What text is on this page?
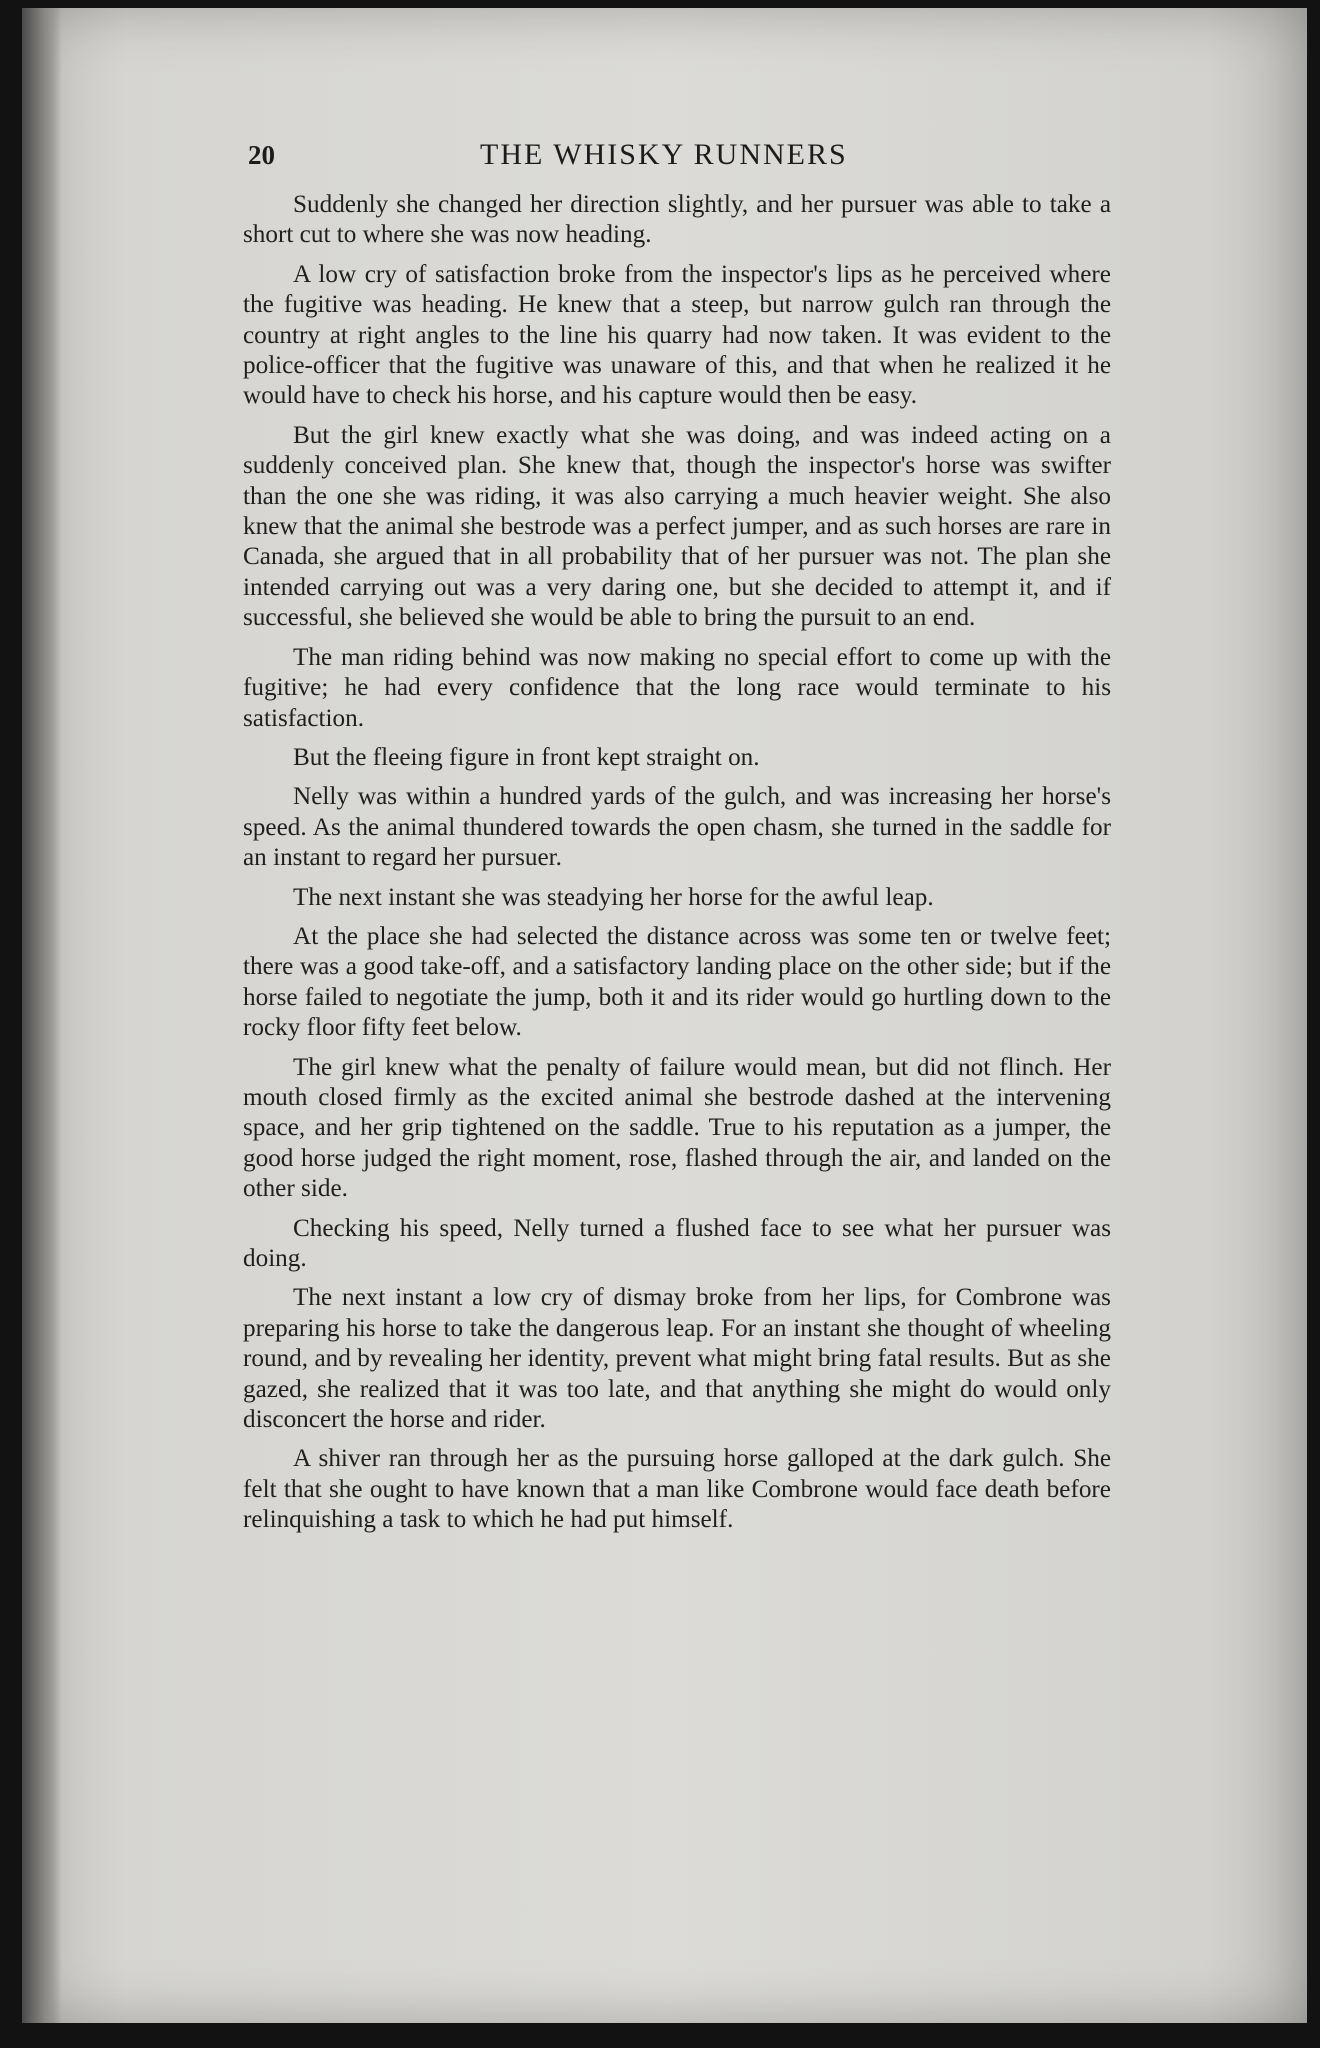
20	THE WHISKY RUNNERS

Suddenly she changed her direction slightly, and her pursuer was able to take a short cut to where she was now heading.

A low cry of satisfaction broke from the inspector's lips as he perceived where the fugitive was heading. He knew that a steep, but narrow gulch ran through the country at right angles to the line his quarry had now taken. It was evident to the police-officer that the fugitive was unaware of this, and that when he realized it he would have to check his horse, and his capture would then be easy.

But the girl knew exactly what she was doing, and was indeed acting on a suddenly conceived plan. She knew that, though the inspector's horse was swifter than the one she was riding, it was also carrying a much heavier weight. She also knew that the animal she bestrode was a perfect jumper, and as such horses are rare in Canada, she argued that in all probability that of her pursuer was not. The plan she intended carrying out was a very daring one, but she decided to attempt it, and if successful, she believed she would be able to bring the pursuit to an end.

The man riding behind was now making no special effort to come up with the fugitive; he had every confidence that the long race would terminate to his satisfaction.

But the fleeing figure in front kept straight on.

Nelly was within a hundred yards of the gulch, and was increasing her horse's speed. As the animal thundered towards the open chasm, she turned in the saddle for an instant to regard her pursuer.

The next instant she was steadying her horse for the awful leap.

At the place she had selected the distance across was some ten or twelve feet; there was a good take-off, and a satisfactory landing place on the other side; but if the horse failed to negotiate the jump, both it and its rider would go hurtling down to the rocky floor fifty feet below.

The girl knew what the penalty of failure would mean, but did not flinch. Her mouth closed firmly as the excited animal she bestrode dashed at the intervening space, and her grip tightened on the saddle. True to his reputation as a jumper, the good horse judged the right moment, rose, flashed through the air, and landed on the other side.

Checking his speed, Nelly turned a flushed face to see what her pursuer was doing.

The next instant a low cry of dismay broke from her lips, for Combrone was preparing his horse to take the dangerous leap. For an instant she thought of wheeling round, and by revealing her identity, prevent what might bring fatal results. But as she gazed, she realized that it was too late, and that anything she might do would only disconcert the horse and rider.

A shiver ran through her as the pursuing horse galloped at the dark gulch. She felt that she ought to have known that a man like Combrone would face death before relinquishing a task to which he had put himself.
